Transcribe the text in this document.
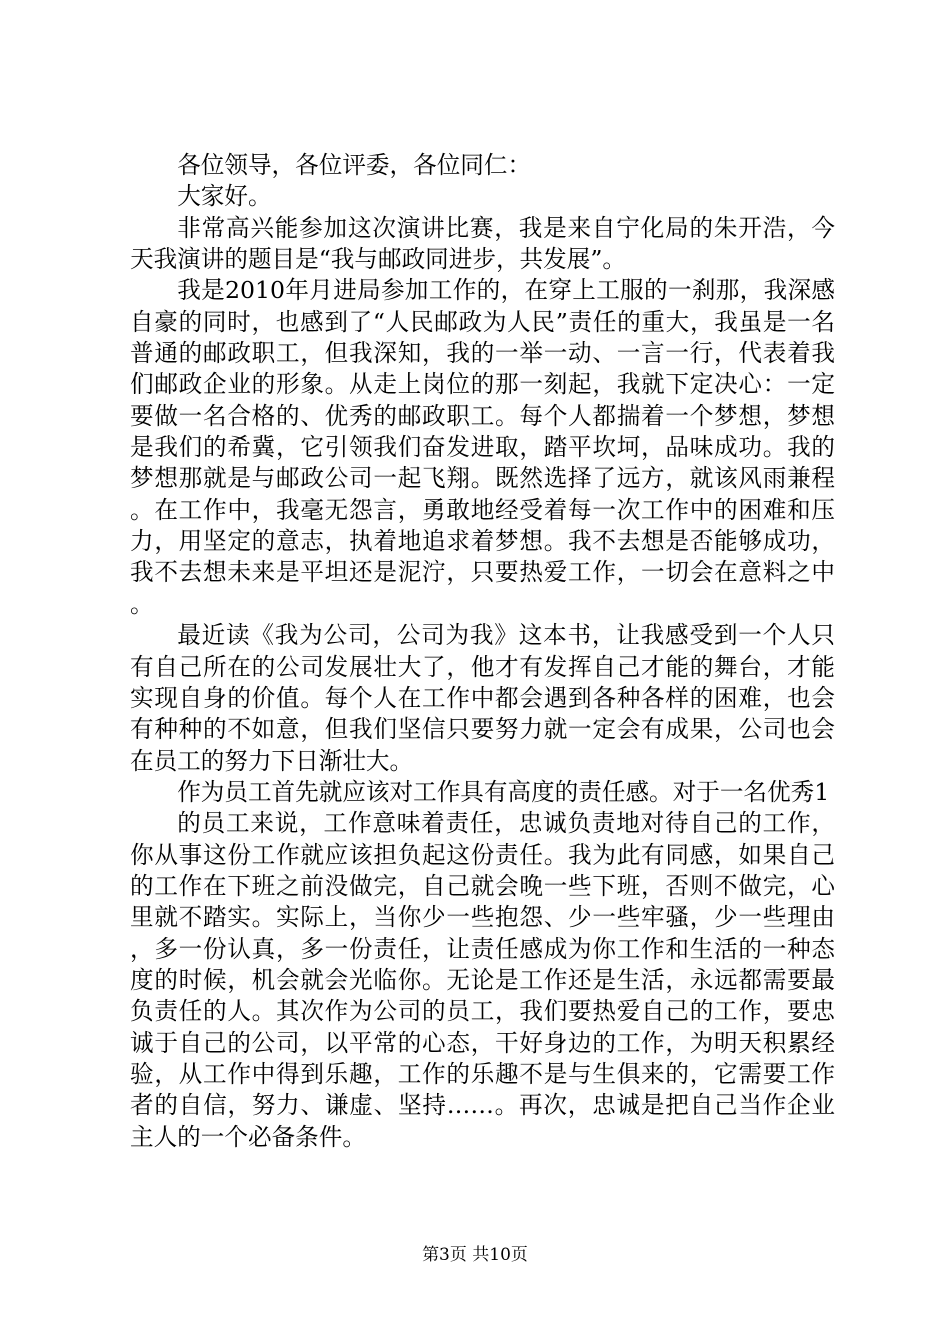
各位领导，各位评委，各位同仁：

大家好。

非常高兴能参加这次演讲比赛，我是来自宁化局的朱开浩，今天我演讲的题目是“我与邮政同进步，共发展”。

我是2010年月进局参加工作的，在穿上工服的一刹那，我深感自豪的同时，也感到了“人民邮政为人民”责任的重大，我虽是一名普通的邮政职工，但我深知，我的一举一动、一言一行，代表着我们邮政企业的形象。从走上岗位的那一刻起，我就下定决心：一定要做一名合格的、优秀的邮政职工。每个人都揣着一个梦想，梦想是我们的希冀，它引领我们奋发进取，踏平坎坷，品味成功。我的梦想那就是与邮政公司一起飞翔。既然选择了远方，就该风雨兼程。在工作中，我毫无怨言，勇敢地经受着每一次工作中的困难和压力，用坚定的意志，执着地追求着梦想。我不去想是否能够成功，我不去想未来是平坦还是泥泞，只要热爱工作，一切会在意料之中。

最近读《我为公司，公司为我》这本书，让我感受到一个人只有自己所在的公司发展壮大了，他才有发挥自己才能的舞台，才能实现自身的价值。每个人在工作中都会遇到各种各样的困难，也会有种种的不如意，但我们坚信只要努力就一定会有成果，公司也会在员工的努力下日渐壮大。

作为员工首先就应该对工作具有高度的责任感。对于一名优秀1

的员工来说，工作意味着责任，忠诚负责地对待自己的工作，你从事这份工作就应该担负起这份责任。我为此有同感，如果自己的工作在下班之前没做完，自己就会晚一些下班，否则不做完，心里就不踏实。实际上，当你少一些抱怨、少一些牢骚，少一些理由，多一份认真，多一份责任，让责任感成为你工作和生活的一种态度的时候，机会就会光临你。无论是工作还是生活，永远都需要最负责任的人。其次作为公司的员工，我们要热爱自己的工作，要忠诚于自己的公司，以平常的心态，干好身边的工作，为明天积累经验，从工作中得到乐趣，工作的乐趣不是与生俱来的，它需要工作者的自信，努力、谦虚、坚持……。再次，忠诚是把自己当作企业主人的一个必备条件。

第3页 共10页
